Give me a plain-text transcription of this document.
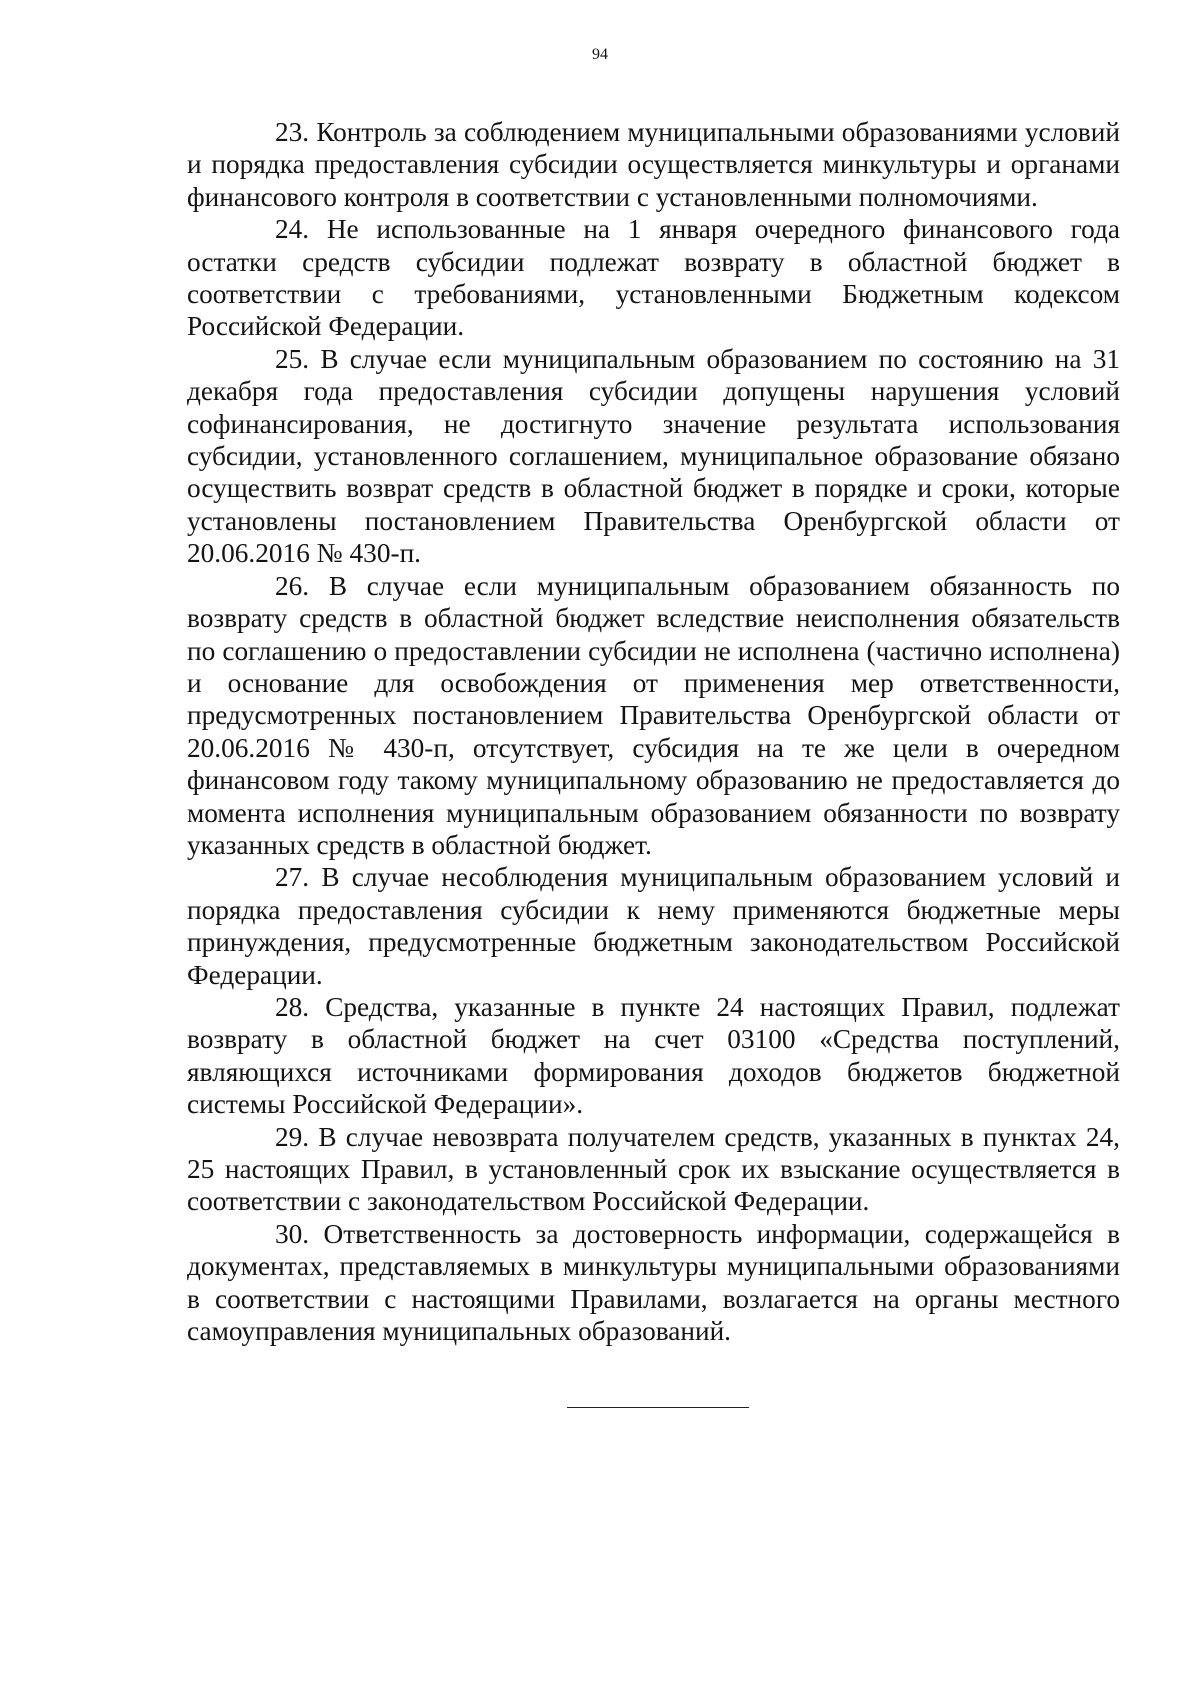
94

23. Контроль за соблюдением муниципальными образованиями условий и порядка предоставления субсидии осуществляется минкультуры и органами финансового контроля в соответствии с установленными полномочиями.

24. Не использованные на 1 января очередного финансового года остатки средств субсидии подлежат возврату в областной бюджет в соответствии с требованиями, установленными Бюджетным кодексом Российской Федерации.

25. В случае если муниципальным образованием по состоянию на 31 декабря года предоставления субсидии допущены нарушения условий софинансирования, не достигнуто значение результата использования субсидии, установленного соглашением, муниципальное образование обязано осуществить возврат средств в областной бюджет в порядке и сроки, которые установлены постановлением Правительства Оренбургской области от 20.06.2016 № 430-п.

26. В случае если муниципальным образованием обязанность по возврату средств в областной бюджет вследствие неисполнения обязательств по соглашению о предоставлении субсидии не исполнена (частично исполнена) и основание для освобождения от применения мер ответственности, предусмотренных постановлением Правительства Оренбургской области от 20.06.2016 № 430-п, отсутствует, субсидия на те же цели в очередном финансовом году такому муниципальному образованию не предоставляется до момента исполнения муниципальным образованием обязанности по возврату указанных средств в областной бюджет.

27. В случае несоблюдения муниципальным образованием условий и порядка предоставления субсидии к нему применяются бюджетные меры принуждения, предусмотренные бюджетным законодательством Российской Федерации.

28. Средства, указанные в пункте 24 настоящих Правил, подлежат возврату в областной бюджет на счет 03100 «Средства поступлений, являющихся источниками формирования доходов бюджетов бюджетной системы Российской Федерации».

29. В случае невозврата получателем средств, указанных в пунктах 24, 25 настоящих Правил, в установленный срок их взыскание осуществляется в соответствии с законодательством Российской Федерации.

30. Ответственность за достоверность информации, содержащейся в документах, представляемых в минкультуры муниципальными образованиями в соответствии с настоящими Правилами, возлагается на органы местного самоуправления муниципальных образований.
